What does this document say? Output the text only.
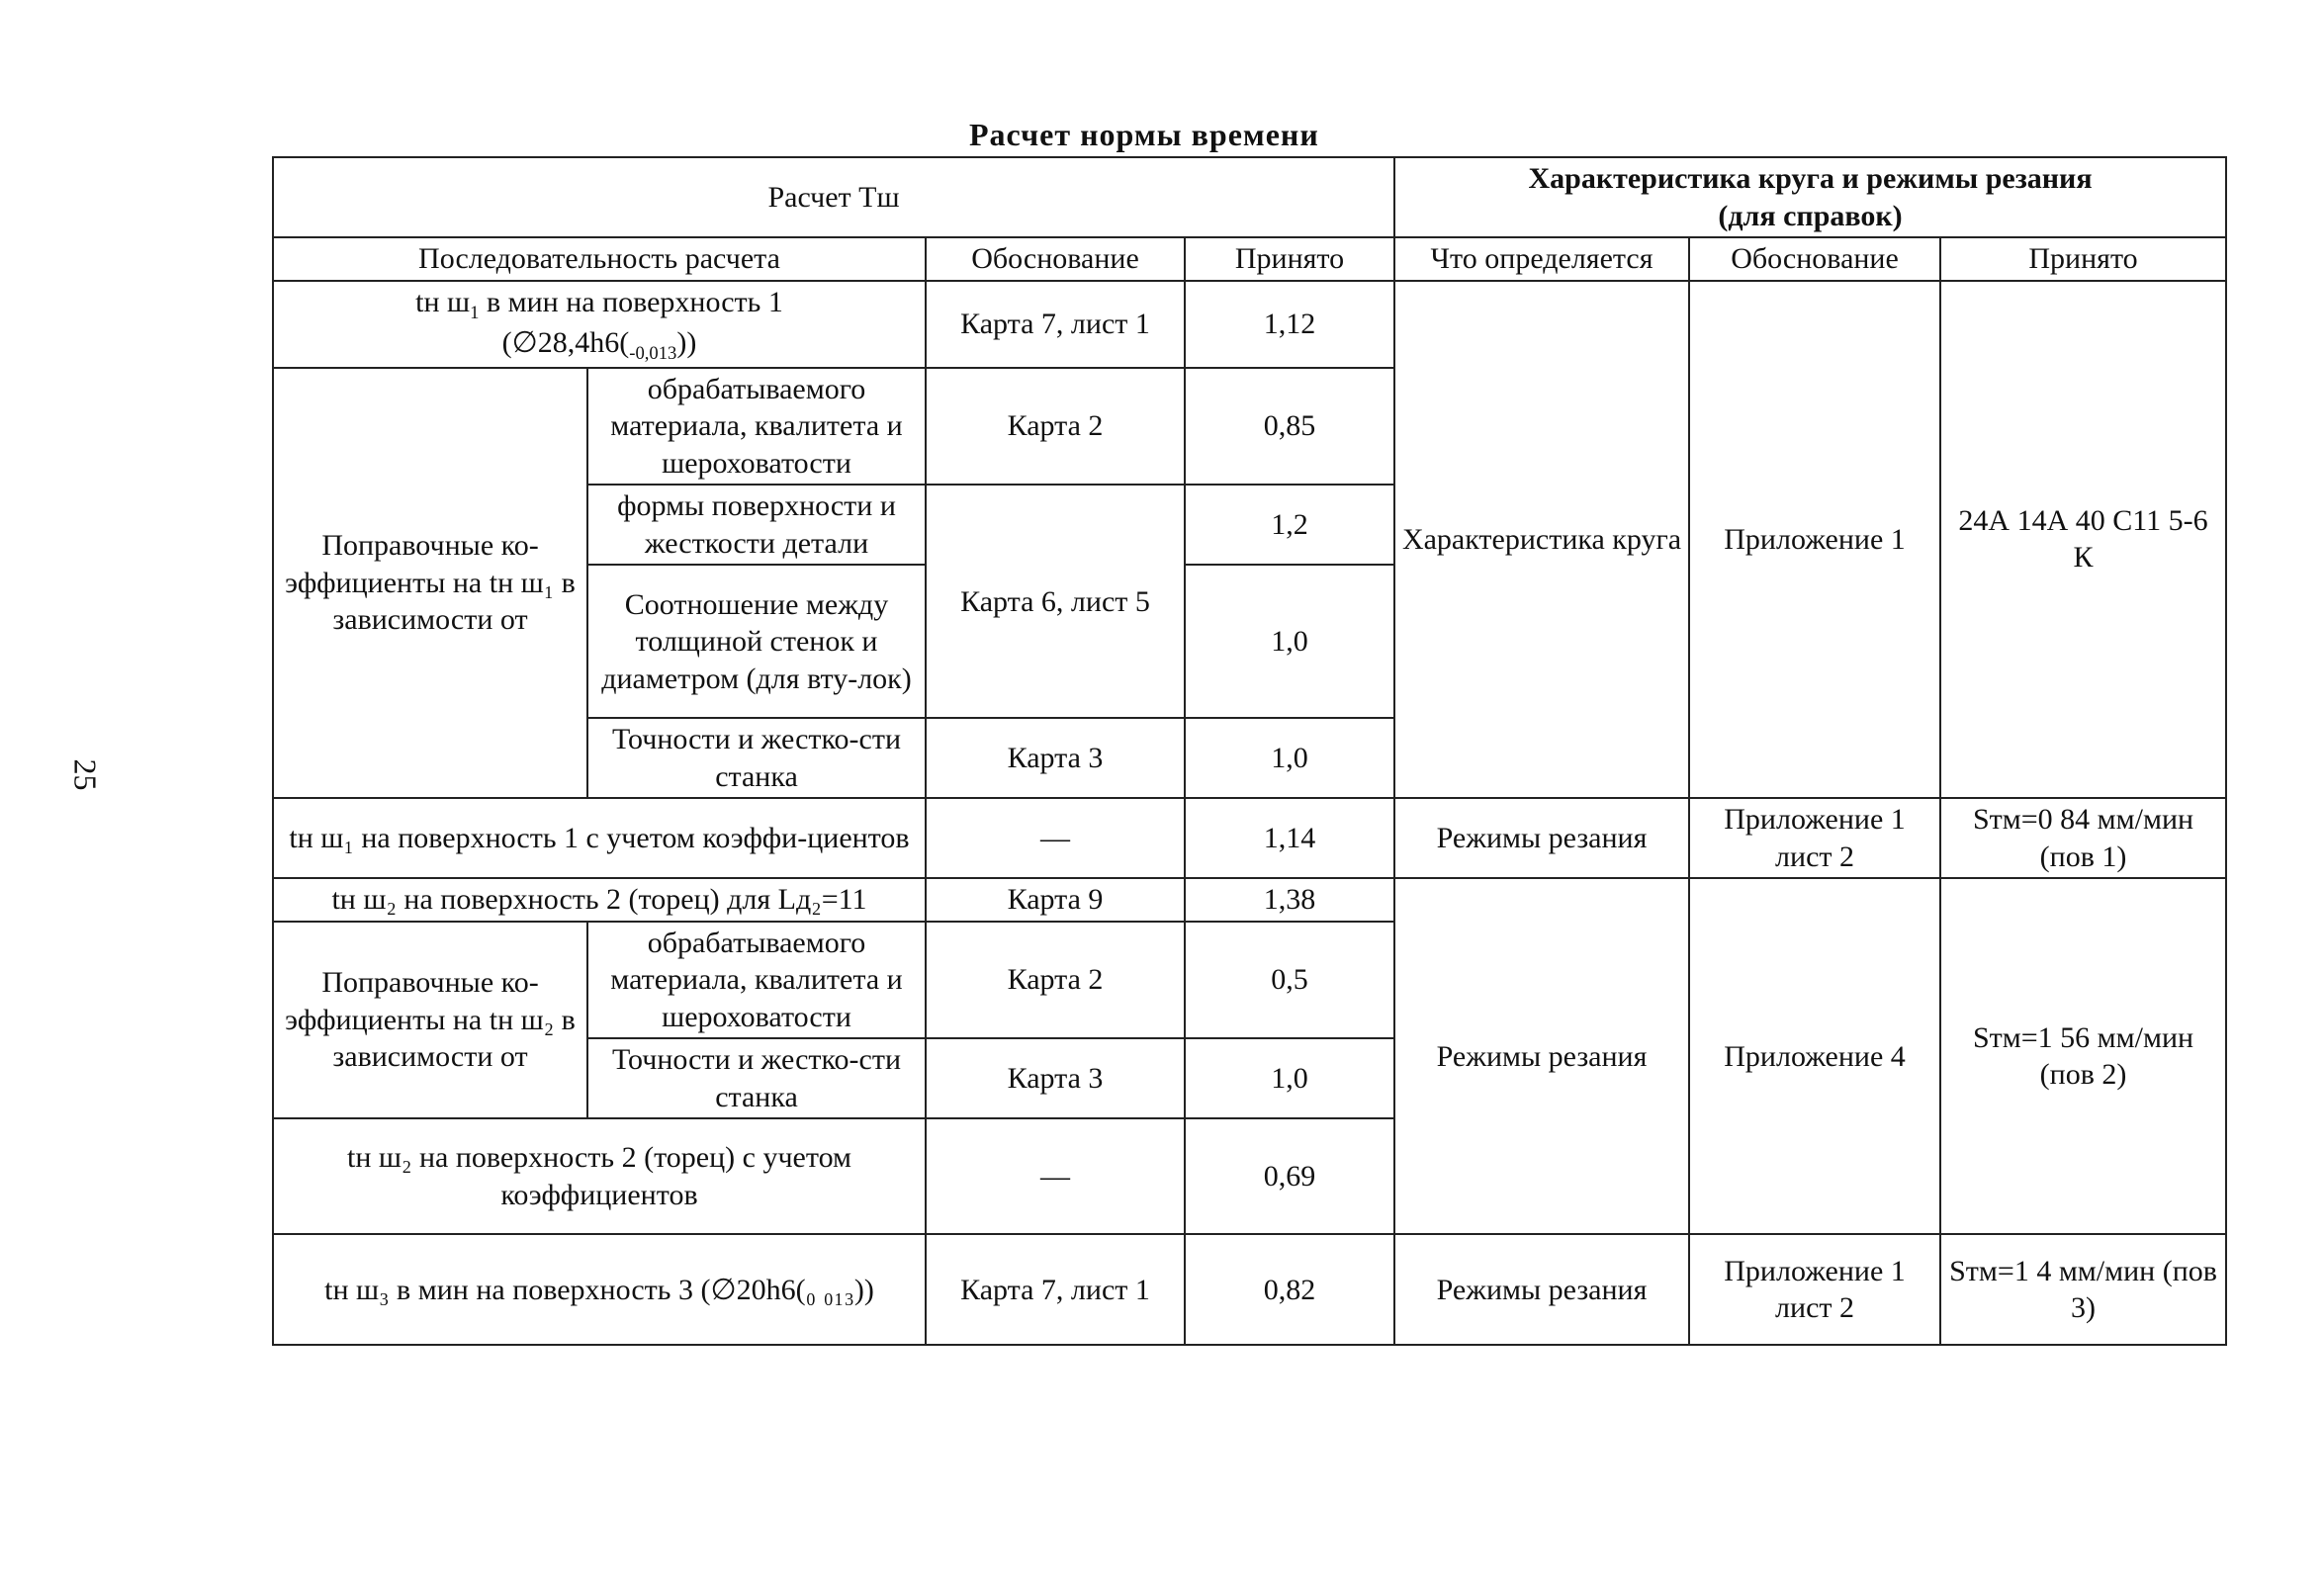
25
Расчет нормы времени
Расчет Тш				Характеристика круга и режимы резания
(для справок)		
Последовательность расчета		Обоснование	Принято	Что определяется	Обоснование	Принято
tн $ш_1$ в мин на поверхность 1
$(\emptyset 28,4h6(_{-0,013}))$		Карта 7, лист 1	1,12	Характеристика круга	Приложение 1	24А 14А 40 С11 5-6 К
Поправочные ко-эффициенты на tн ш₁ в зависимости от	обрабатываемого материала, квалитета и шероховатости	Карта 2	0,85			
	формы поверхности и жесткости детали	Карта 6, лист 5	1,2			
	Соотношение между толщиной стенок и диаметром (для вту-лок)		1,0			
	Точности и жестко-сти станка	Карта 3	1,0			
tн ш₁ на поверхность 1 с учетом коэффи-циентов		—	1,14	Режимы резания	Приложение 1 лист 2	Sтм=0 84 мм/мин (пов 1)
tн ш₂ на поверхность 2 (торец) для Lд₂=11		Карта 9	1,38	Режимы резания	Приложение 4	Sтм=1 56 мм/мин (пов 2)
Поправочные ко-эффициенты на tн ш₂ в зависимости от	обрабатываемого материала, квалитета и шероховатости	Карта 2	0,5			
	Точности и жестко-сти станка	Карта 3	1,0			
tн ш₂ на поверхность 2 (торец) с учетом коэффициентов		—	0,69			
tн ш₃ в мин на поверхность 3 (∅20h6(₀ ₀₁₃))		Карта 7, лист 1	0,82	Режимы резания	Приложение 1 лист 2	Sтм=1 4 мм/мин (пов 3)
